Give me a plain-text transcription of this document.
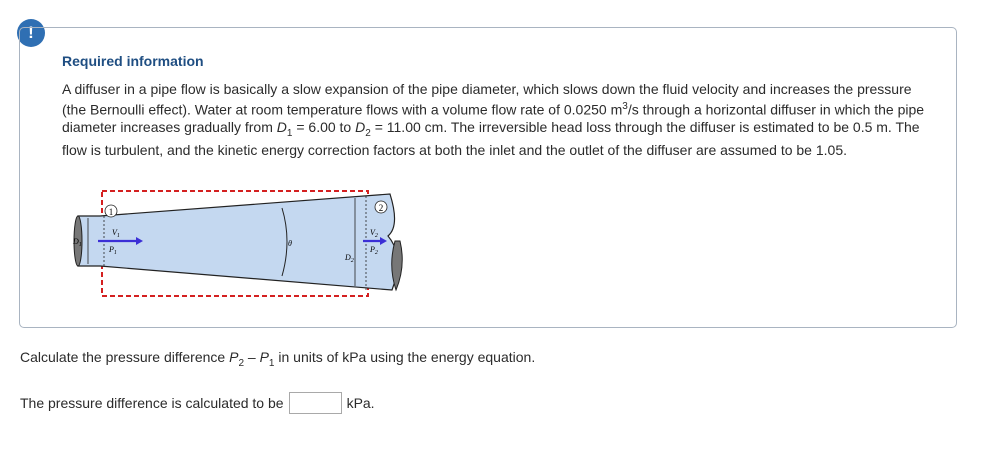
!
Required information

A diffuser in a pipe flow is basically a slow expansion of the pipe diameter, which slows down the fluid velocity and increases the pressure (the Bernoulli effect). Water at room temperature flows with a volume flow rate of 0.0250 $m^3/s$ through a horizontal diffuser in which the pipe diameter increases gradually from $D_1 = 6.00$ to $D_2 = 11.00$ cm. The irreversible head loss through the diffuser is estimated to be 0.5 m. The flow is turbulent, and the kinetic energy correction factors at both the inlet and the outlet of the diffuser are assumed to be 1.05.

1	2
$D_1$
$V_1$
$P_1$
θ
$V_2$
$P_2$
$D_2$
Calculate the pressure difference $P_2 - P_1$ in units of kPa using the energy equation.
The pressure difference is calculated to be	kPa.
